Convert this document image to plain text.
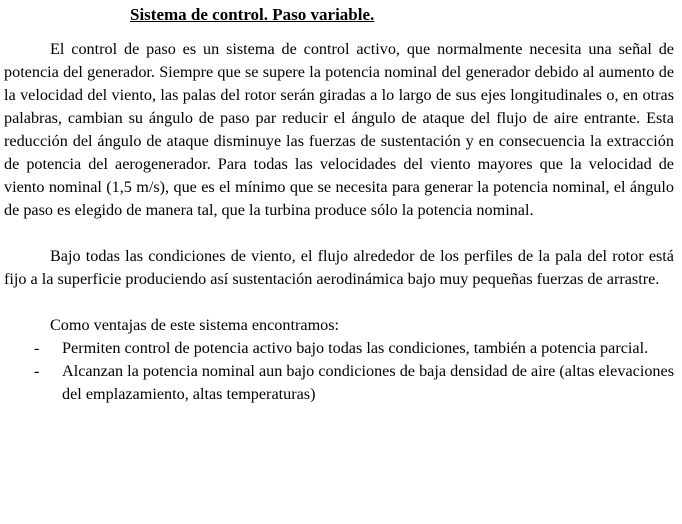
Sistema de control. Paso variable.

El control de paso es un sistema de control activo, que normalmente necesita una señal de potencia del generador. Siempre que se supere la potencia nominal del generador debido al aumento de la velocidad del viento, las palas del rotor serán giradas a lo largo de sus ejes longitudinales o, en otras palabras, cambian su ángulo de paso par reducir el ángulo de ataque del flujo de aire entrante. Esta reducción del ángulo de ataque disminuye las fuerzas de sustentación y en consecuencia la extracción de potencia del aerogenerador. Para todas las velocidades del viento mayores que la velocidad de viento nominal (1,5 m/s), que es el mínimo que se necesita para generar la potencia nominal, el ángulo de paso es elegido de manera tal, que la turbina produce sólo la potencia nominal.

Bajo todas las condiciones de viento, el flujo alrededor de los perfiles de la pala del rotor está fijo a la superficie produciendo así sustentación aerodinámica bajo muy pequeñas fuerzas de arrastre.

Como ventajas de este sistema encontramos:

- Permiten control de potencia activo bajo todas las condiciones, también a potencia parcial.
- Alcanzan la potencia nominal aun bajo condiciones de baja densidad de aire (altas elevaciones del emplazamiento, altas temperaturas)
